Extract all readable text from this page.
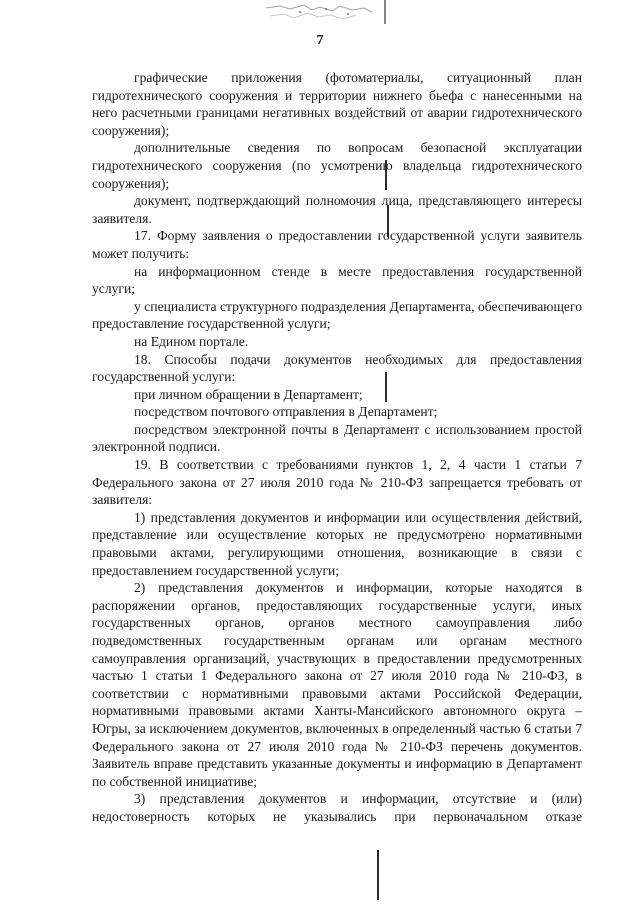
7

графические приложения (фотоматериалы, ситуационный план гидротехнического сооружения и территории нижнего бьефа с нанесенными на него расчетными границами негативных воздействий от аварии гидротехнического сооружения);

дополнительные сведения по вопросам безопасной эксплуатации гидротехнического сооружения (по усмотрению владельца гидротехнического сооружения);

документ, подтверждающий полномочия лица, представляющего интересы заявителя.

17. Форму заявления о предоставлении государственной услуги заявитель может получить:

на информационном стенде в месте предоставления государственной услуги;

у специалиста структурного подразделения Департамента, обеспечивающего предоставление государственной услуги;

на Едином портале.

18. Способы подачи документов необходимых для предоставления государственной услуги:

при личном обращении в Департамент;

посредством почтового отправления в Департамент;

посредством электронной почты в Департамент с использованием простой электронной подписи.

19. В соответствии с требованиями пунктов 1, 2, 4 части 1 статьи 7 Федерального закона от 27 июля 2010 года № 210-ФЗ запрещается требовать от заявителя:

1) представления документов и информации или осуществления действий, представление или осуществление которых не предусмотрено нормативными правовыми актами, регулирующими отношения, возникающие в связи с предоставлением государственной услуги;

2) представления документов и информации, которые находятся в распоряжении органов, предоставляющих государственные услуги, иных государственных органов, органов местного самоуправления либо подведомственных государственным органам или органам местного самоуправления организаций, участвующих в предоставлении предусмотренных частью 1 статьи 1 Федерального закона от 27 июля 2010 года № 210-ФЗ, в соответствии с нормативными правовыми актами Российской Федерации, нормативными правовыми актами Ханты-Мансийского автономного округа – Югры, за исключением документов, включенных в определенный частью 6 статьи 7 Федерального закона от 27 июля 2010 года № 210-ФЗ перечень документов. Заявитель вправе представить указанные документы и информацию в Департамент по собственной инициативе;

3) представления документов и информации, отсутствие и (или) недостоверность которых не указывались при первоначальном отказе
